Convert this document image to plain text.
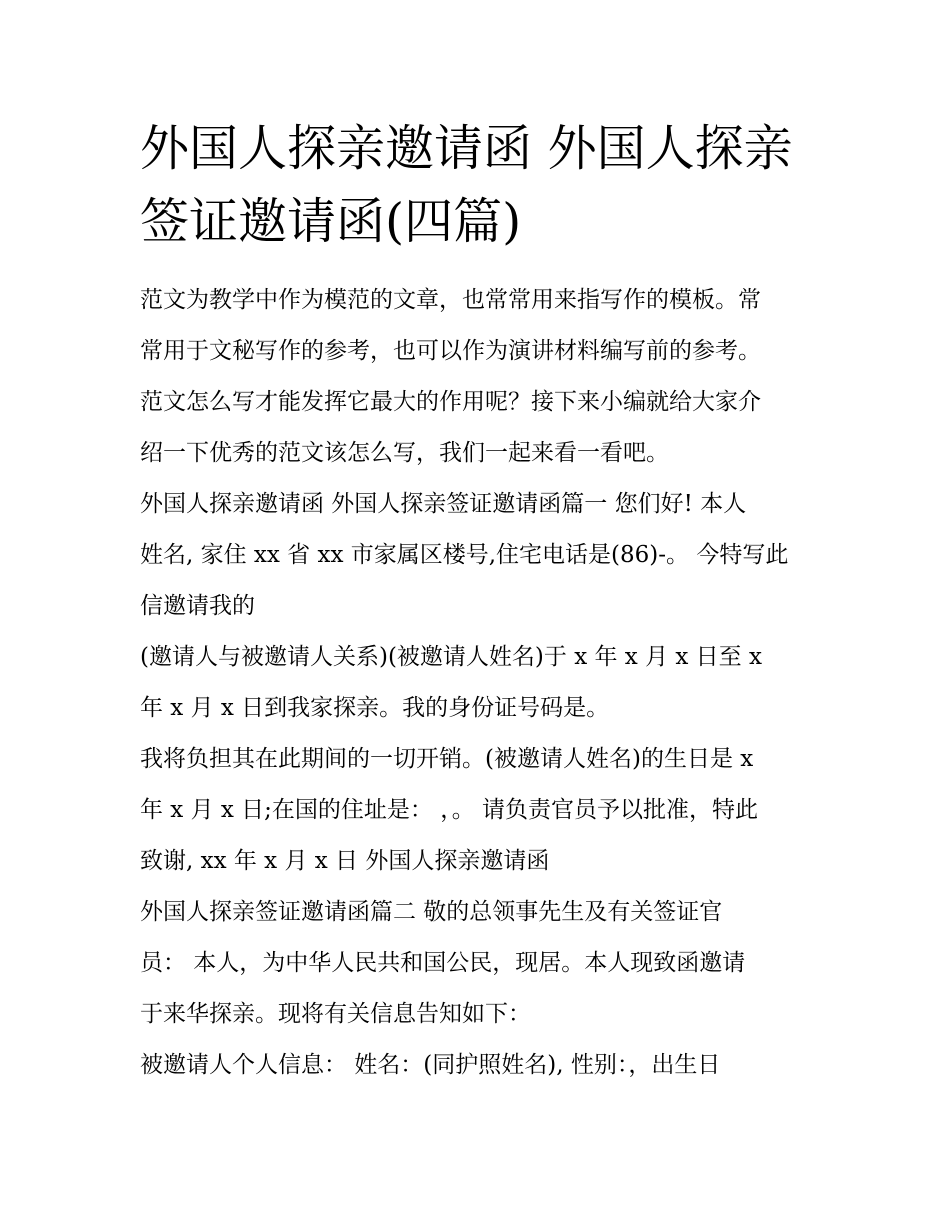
外国人探亲邀请函 外国人探亲
签证邀请函(四篇)
范文为教学中作为模范的文章，也常常用来指写作的模板。常
常用于文秘写作的参考，也可以作为演讲材料编写前的参考。
范文怎么写才能发挥它最大的作用呢？接下来小编就给大家介
绍一下优秀的范文该怎么写，我们一起来看一看吧。
外国人探亲邀请函 外国人探亲签证邀请函篇一 您们好! 本人
姓名, 家住 xx 省 xx 市家属区楼号,住宅电话是(86)-。 今特写此
信邀请我的
(邀请人与被邀请人关系)(被邀请人姓名)于 x 年 x 月 x 日至 x
年 x 月 x 日到我家探亲。我的身份证号码是。
我将负担其在此期间的一切开销。(被邀请人姓名)的生日是 x
年 x 月 x 日;在国的住址是： ，。 请负责官员予以批准，特此
致谢, xx 年 x 月 x 日 外国人探亲邀请函
外国人探亲签证邀请函篇二 敬的总领事先生及有关签证官
员： 本人，为中华人民共和国公民，现居。本人现致函邀请
于来华探亲。现将有关信息告知如下：
被邀请人个人信息： 姓名：(同护照姓名), 性别：，出生日
